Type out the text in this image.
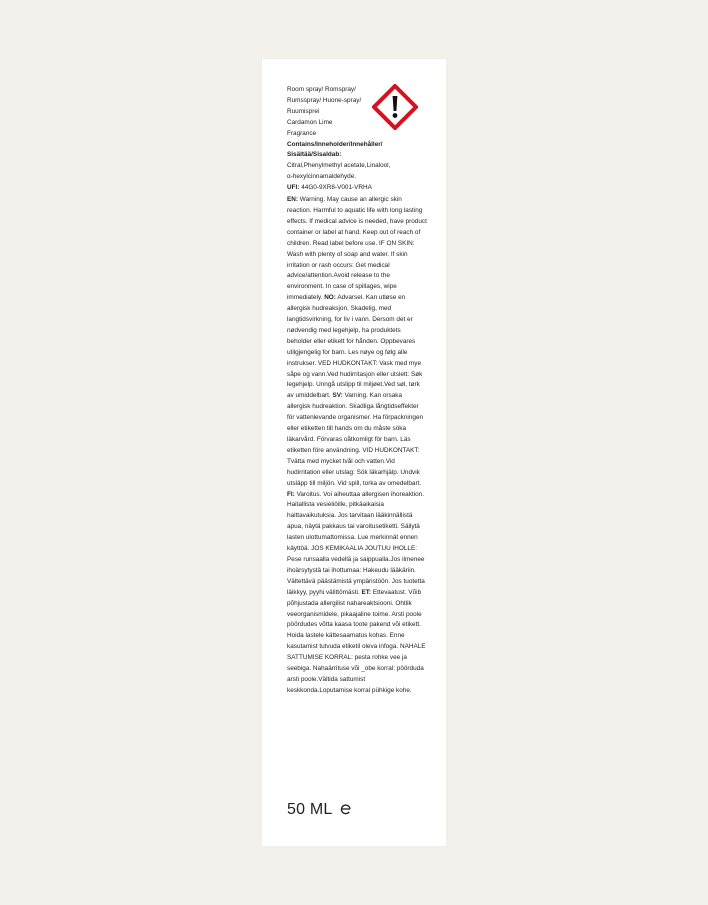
Room spray/ Romspray/
Rumsspray/ Huone-spray/
Ruumisprei
Cardamon Lime
Fragrance
Contains/Inneholder/Innehåller/
Sisältää/Sisaldab:
Citral,Phenylmethyl acetate,Linalool,
α-hexylcinnamaldehyde.
UFI: 44G0-9XR8-V001-VRHA
EN: Warning. May cause an allergic skin reaction. Harmful to aquatic life with long lasting effects. If medical advice is needed, have product container or label at hand. Keep out of reach of children. Read label before use. IF ON SKIN: Wash with plenty of soap and water. If skin irritation or rash occurs: Get medical advice/attention.Avoid release to the environment. In case of spillages, wipe immediately. NO: Advarsel. Kan utløse en allergisk hudreaksjon. Skadelig, med langtidsvirkning, for liv i vann. Dersom det er nødvendig med legehjelp, ha produktets beholder eller etikett for hånden. Oppbevares utilgjengelig for barn. Les nøye og følg alle instrukser. VED HUDKONTAKT: Vask med mye såpe og vann.Ved hudirritasjon eller utslett: Søk legehjelp. Unngå utslipp til miljøet.Ved søl, tørk av umiddelbart. SV: Varning. Kan orsaka allergisk hudreaktion. Skadliga långtidseffekter för vattenlevande organismer. Ha förpackningen eller etiketten till hands om du måste söka läkarvård. Förvaras oåtkomligt för barn. Läs etiketten före användning. VID HUDKONTAKT: Tvätta med mycket tvål och vatten.Vid hudirritation eller utslag: Sök läkarhjälp. Undvik utsläpp till miljön. Vid spill, torka av omedelbart. FI: Varoitus. Voi aiheuttaa allergisen ihoreaktion. Haitallista vesieliöille, pitkäaikaisia haittavaikutuksia. Jos tarvitaan lääkinnällistä apua, näytä pakkaus tai varoitusetiketti. Säilytä lasten ulottumattomissa. Lue merkinnät ennen käyttöä. JOS KEMIKAALIA JOUTUU IHOLLE: Pese runsaalla vedellä ja saippualla.Jos ilmenee ihoärsytystä tai ihottumaa: Hakeudu lääkäriin. Vältettävä päästämistä ympäristöön. Jos tuotetta läikkyy, pyyhi välittömästi. ET: Ettevaatust. Võib põhjustada allergilist nahareaktsiooni. Ohtlik veeorganismidele, pikaajaline toime. Arsti poole pöördudes võtta kaasa toote pakend või etikett. Hoida lastele kättesaamatus kohas. Enne kasutamist tutvuda etiketil oleva infoga. NAHALE SATTUMISE KORRAL: pesta rohke vee ja seebiga. Nahaärrituse või _obe korral: pöörduda arsti poole.Vältida sattumist keskkonda.Loputamise korral pühkige kohe.
50 ML
